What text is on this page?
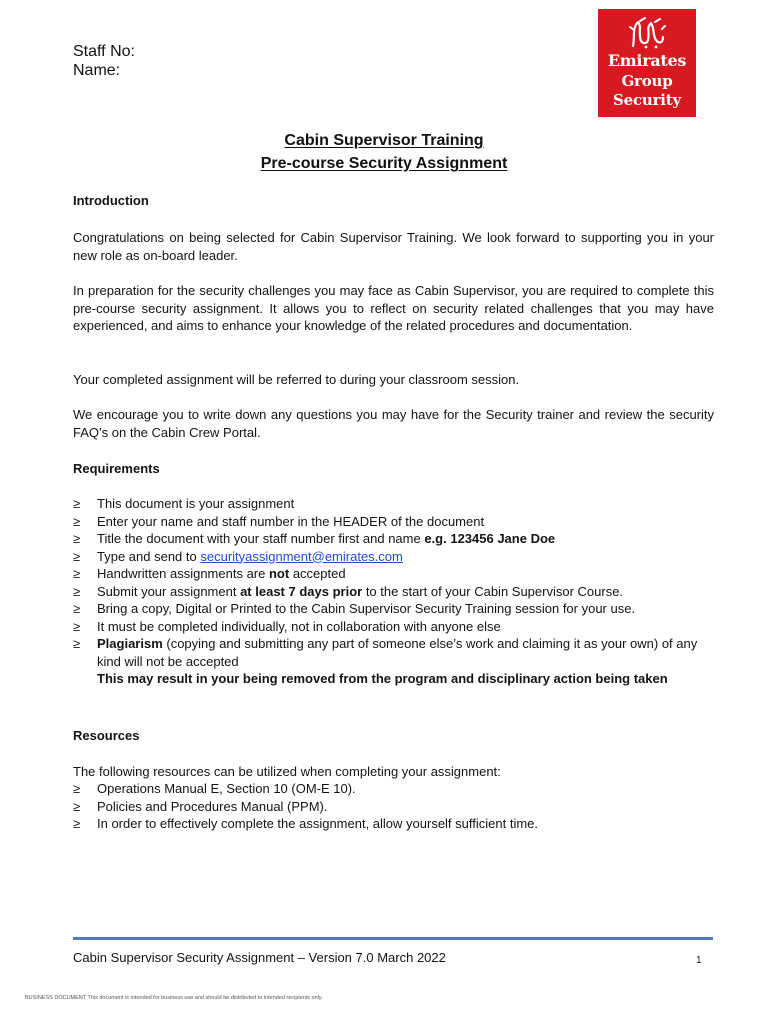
Staff No:
Name:
Emirates
Group
Security
Cabin Supervisor Training
Pre-course Security Assignment

Introduction

Congratulations on being selected for Cabin Supervisor Training. We look forward to supporting you in your new role as on-board leader.

In preparation for the security challenges you may face as Cabin Supervisor, you are required to complete this pre-course security assignment. It allows you to reflect on security related challenges that you may have experienced, and aims to enhance your knowledge of the related procedures and documentation.

Your completed assignment will be referred to during your classroom session.

We encourage you to write down any questions you may have for the Security trainer and review the security FAQ’s on the Cabin Crew Portal.

Requirements

≥	This document is your assignment
≥	Enter your name and staff number in the HEADER of the document
≥	Title the document with your staff number first and name e.g. 123456 Jane Doe
≥	Type and send to securityassignment@emirates.com
≥	Handwritten assignments are not accepted
≥	Submit your assignment at least 7 days prior to the start of your Cabin Supervisor Course.
≥	Bring a copy, Digital or Printed to the Cabin Supervisor Security Training session for your use.
≥	It must be completed individually, not in collaboration with anyone else
≥	Plagiarism (copying and submitting any part of someone else’s work and claiming it as your own) of any kind will not be accepted
This may result in your being removed from the program and disciplinary action being taken

Resources

The following resources can be utilized when completing your assignment:

≥	Operations Manual E, Section 10 (OM-E 10).
≥	Policies and Procedures Manual (PPM).
≥	In order to effectively complete the assignment, allow yourself sufficient time.
Cabin Supervisor Security Assignment – Version 7.0 March 2022	1
BUSINESS DOCUMENT This document is intended for business use and should be distributed to intended recipients only.
